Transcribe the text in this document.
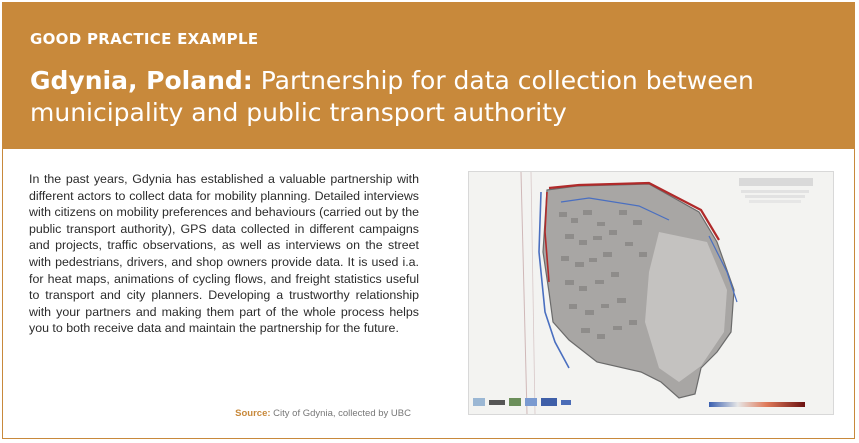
GOOD PRACTICE EXAMPLE
Gdynia, Poland: Partnership for data collection between municipality and public transport authority
In the past years, Gdynia has established a valuable partnership with different actors to collect data for mobility planning. Detailed interviews with citizens on mobility preferences and behaviours (carried out by the public transport authority), GPS data collected in different campaigns and projects, traffic observations, as well as interviews on the street with pedestrians, drivers, and shop owners provide data. It is used i.a. for heat maps, animations of cycling flows, and freight statistics useful to transport and city planners. Developing a trustworthy relationship with your partners and making them part of the whole process helps you to both receive data and maintain the partnership for the future.
Source: City of Gdynia, collected by UBC
